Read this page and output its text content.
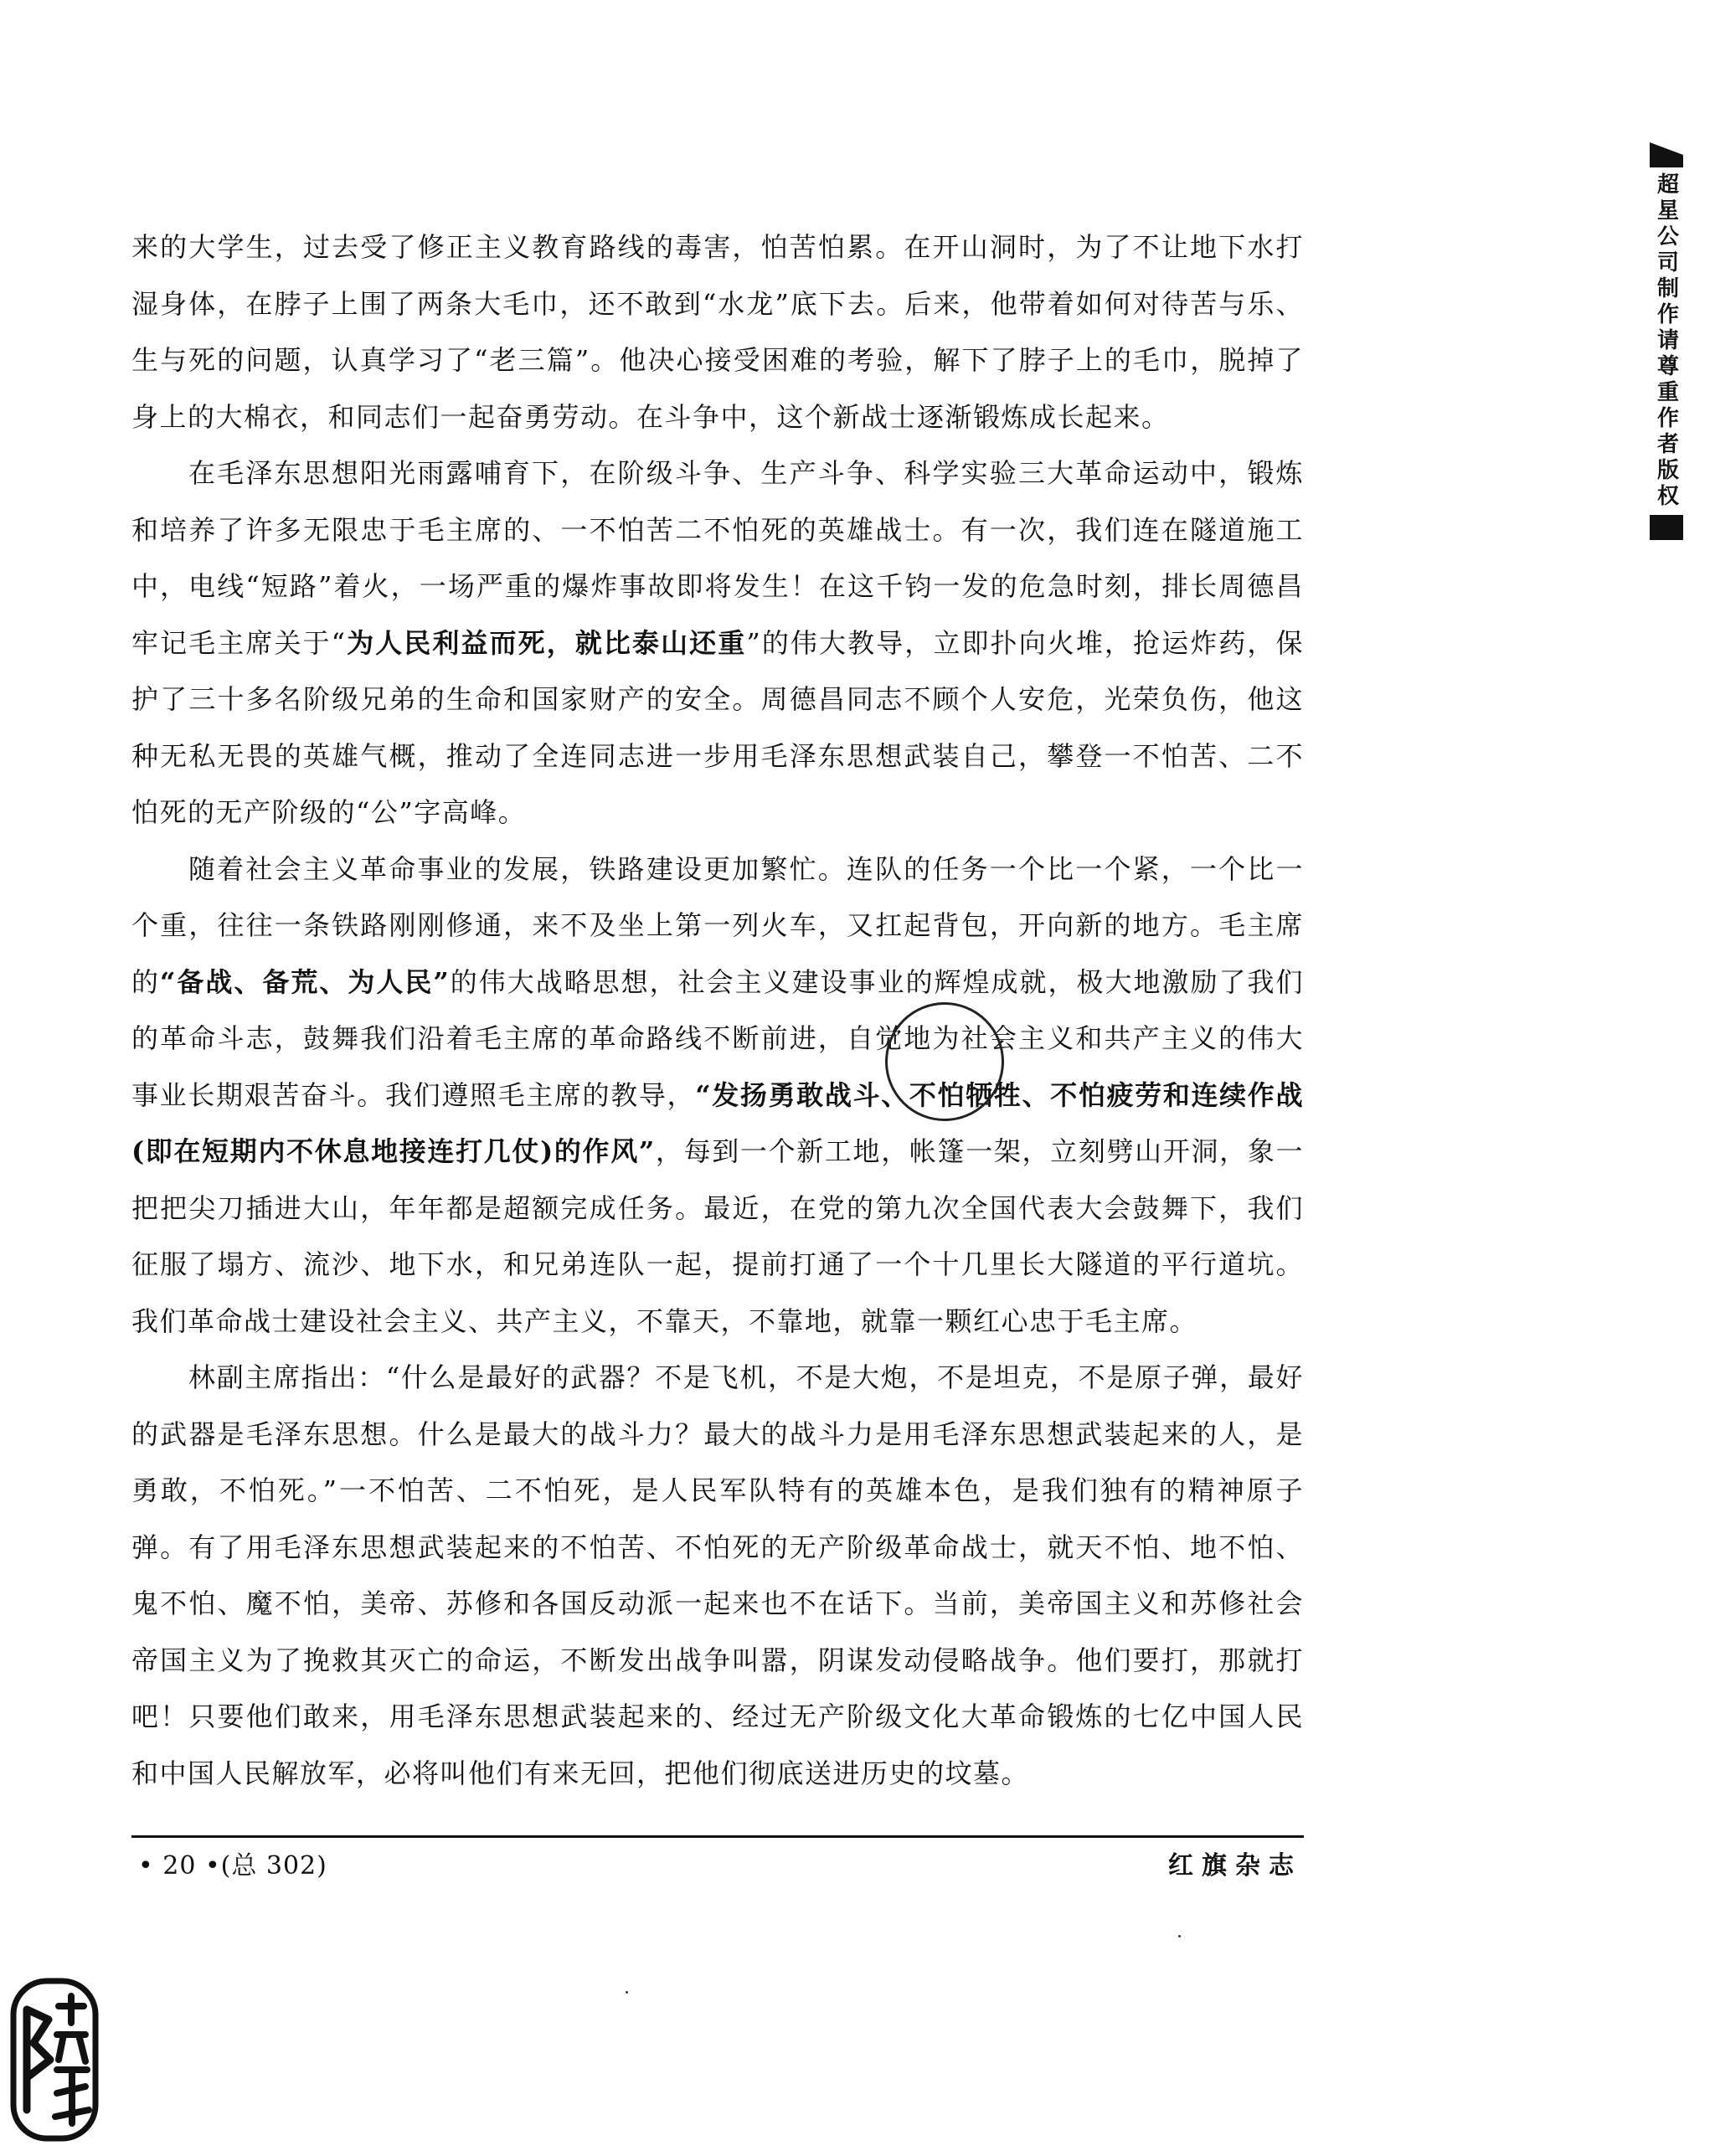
来的大学生，过去受了修正主义教育路线的毒害，怕苦怕累。在开山洞时，为了不让地下水打湿身体，在脖子上围了两条大毛巾，还不敢到“水龙”底下去。后来，他带着如何对待苦与乐、生与死的问题，认真学习了“老三篇”。他决心接受困难的考验，解下了脖子上的毛巾，脱掉了身上的大棉衣，和同志们一起奋勇劳动。在斗争中，这个新战士逐渐锻炼成长起来。

在毛泽东思想阳光雨露哺育下，在阶级斗争、生产斗争、科学实验三大革命运动中，锻炼和培养了许多无限忠于毛主席的、一不怕苦二不怕死的英雄战士。有一次，我们连在隧道施工中，电线“短路”着火，一场严重的爆炸事故即将发生！在这千钧一发的危急时刻，排长周德昌牢记毛主席关于“为人民利益而死，就比泰山还重”的伟大教导，立即扑向火堆，抢运炸药，保护了三十多名阶级兄弟的生命和国家财产的安全。周德昌同志不顾个人安危，光荣负伤，他这种无私无畏的英雄气概，推动了全连同志进一步用毛泽东思想武装自己，攀登一不怕苦、二不怕死的无产阶级的“公”字高峰。

随着社会主义革命事业的发展，铁路建设更加繁忙。连队的任务一个比一个紧，一个比一个重，往往一条铁路刚刚修通，来不及坐上第一列火车，又扛起背包，开向新的地方。毛主席的“备战、备荒、为人民”的伟大战略思想，社会主义建设事业的辉煌成就，极大地激励了我们的革命斗志，鼓舞我们沿着毛主席的革命路线不断前进，自觉地为社会主义和共产主义的伟大事业长期艰苦奋斗。我们遵照毛主席的教导，“发扬勇敢战斗、不怕牺牲、不怕疲劳和连续作战(即在短期内不休息地接连打几仗)的作风”，每到一个新工地，帐篷一架，立刻劈山开洞，象一把把尖刀插进大山，年年都是超额完成任务。最近，在党的第九次全国代表大会鼓舞下，我们征服了塌方、流沙、地下水，和兄弟连队一起，提前打通了一个十几里长大隧道的平行道坑。我们革命战士建设社会主义、共产主义，不靠天，不靠地，就靠一颗红心忠于毛主席。

林副主席指出：“什么是最好的武器？不是飞机，不是大炮，不是坦克，不是原子弹，最好的武器是毛泽东思想。什么是最大的战斗力？最大的战斗力是用毛泽东思想武装起来的人，是勇敢，不怕死。”一不怕苦、二不怕死，是人民军队特有的英雄本色，是我们独有的精神原子弹。有了用毛泽东思想武装起来的不怕苦、不怕死的无产阶级革命战士，就天不怕、地不怕、鬼不怕、魔不怕，美帝、苏修和各国反动派一起来也不在话下。当前，美帝国主义和苏修社会帝国主义为了挽救其灭亡的命运，不断发出战争叫嚣，阴谋发动侵略战争。他们要打，那就打吧！只要他们敢来，用毛泽东思想武装起来的、经过无产阶级文化大革命锻炼的七亿中国人民和中国人民解放军，必将叫他们有来无回，把他们彻底送进历史的坟墓。

• 20 •(总 302)	红旗杂志
超星公司制作请尊重作者版权
